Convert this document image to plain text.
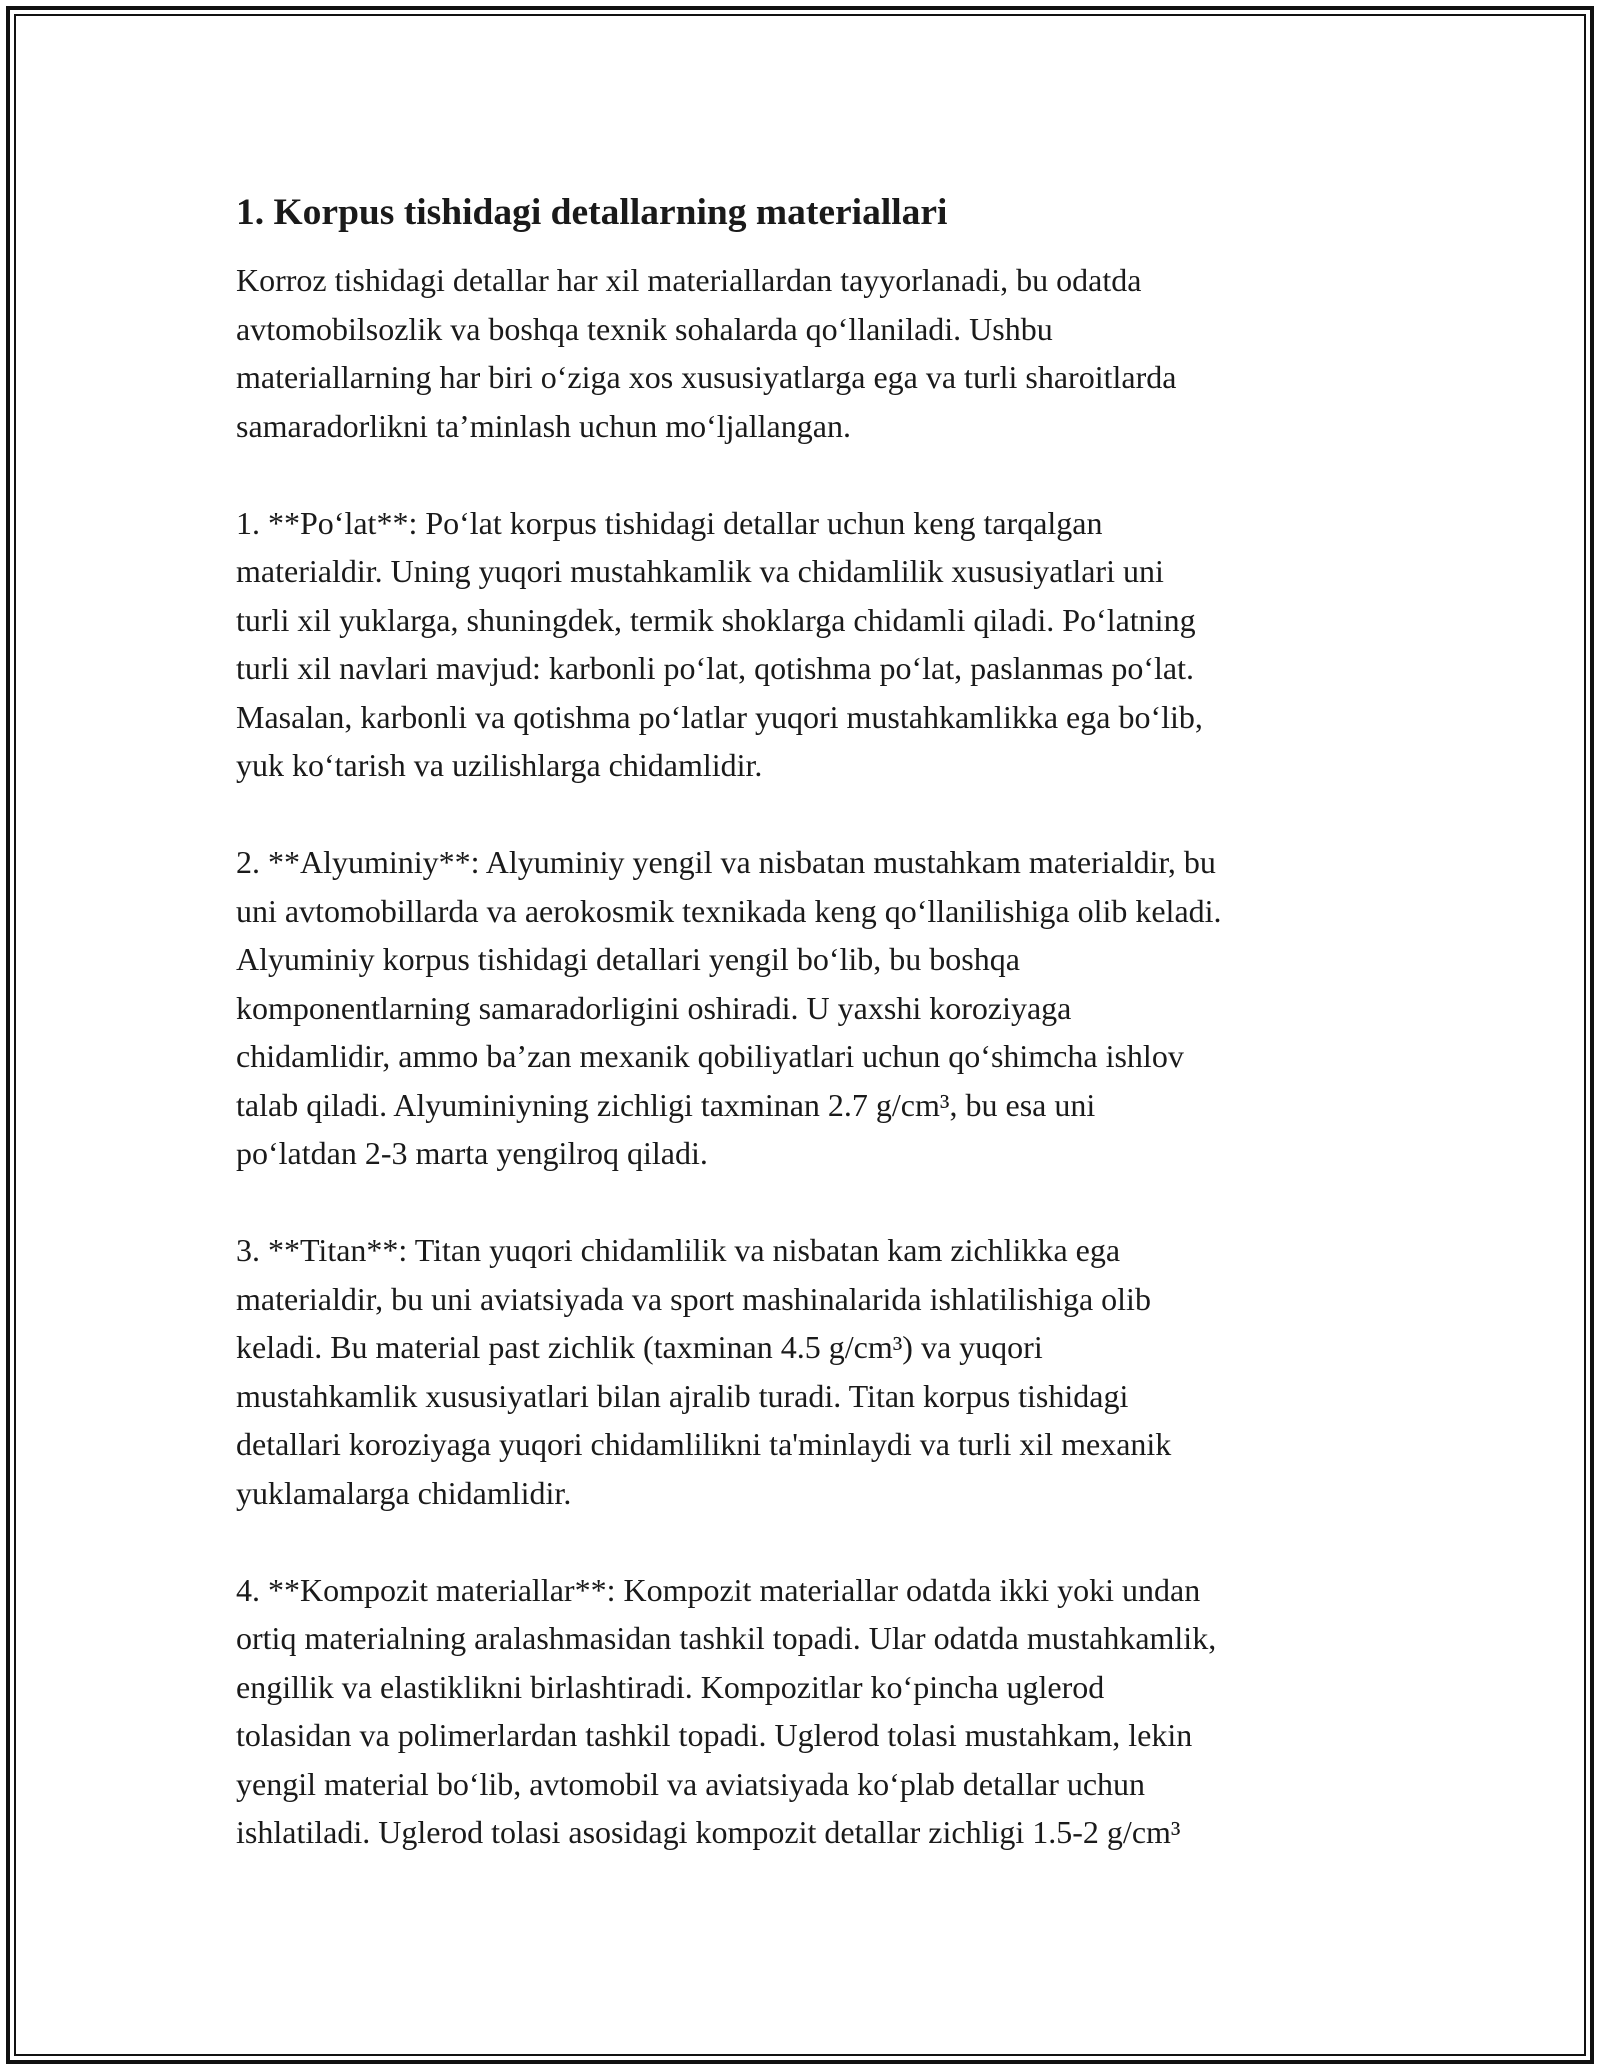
1. Korpus tishidagi detallarning materiallari

Korroz tishidagi detallar har xil materiallardan tayyorlanadi, bu odatda
avtomobilsozlik va boshqa texnik sohalarda qo‘llaniladi. Ushbu
materiallarning har biri o‘ziga xos xususiyatlarga ega va turli sharoitlarda
samaradorlikni ta’minlash uchun mo‘ljallangan.

1. **Po‘lat**: Po‘lat korpus tishidagi detallar uchun keng tarqalgan
materialdir. Uning yuqori mustahkamlik va chidamlilik xususiyatlari uni
turli xil yuklarga, shuningdek, termik shoklarga chidamli qiladi. Po‘latning
turli xil navlari mavjud: karbonli po‘lat, qotishma po‘lat, paslanmas po‘lat.
Masalan, karbonli va qotishma po‘latlar yuqori mustahkamlikka ega bo‘lib,
yuk ko‘tarish va uzilishlarga chidamlidir.

2. **Alyuminiy**: Alyuminiy yengil va nisbatan mustahkam materialdir, bu
uni avtomobillarda va aerokosmik texnikada keng qo‘llanilishiga olib keladi.
Alyuminiy korpus tishidagi detallari yengil bo‘lib, bu boshqa
komponentlarning samaradorligini oshiradi. U yaxshi koroziyaga
chidamlidir, ammo ba’zan mexanik qobiliyatlari uchun qo‘shimcha ishlov
talab qiladi. Alyuminiyning zichligi taxminan 2.7 g/cm³, bu esa uni
po‘latdan 2-3 marta yengilroq qiladi.

3. **Titan**: Titan yuqori chidamlilik va nisbatan kam zichlikka ega
materialdir, bu uni aviatsiyada va sport mashinalarida ishlatilishiga olib
keladi. Bu material past zichlik (taxminan 4.5 g/cm³) va yuqori
mustahkamlik xususiyatlari bilan ajralib turadi. Titan korpus tishidagi
detallari koroziyaga yuqori chidamlilikni ta'minlaydi va turli xil mexanik
yuklamalarga chidamlidir.

4. **Kompozit materiallar**: Kompozit materiallar odatda ikki yoki undan
ortiq materialning aralashmasidan tashkil topadi. Ular odatda mustahkamlik,
engillik va elastiklikni birlashtiradi. Kompozitlar ko‘pincha uglerod
tolasidan va polimerlardan tashkil topadi. Uglerod tolasi mustahkam, lekin
yengil material bo‘lib, avtomobil va aviatsiyada ko‘plab detallar uchun
ishlatiladi. Uglerod tolasi asosidagi kompozit detallar zichligi 1.5-2 g/cm³
